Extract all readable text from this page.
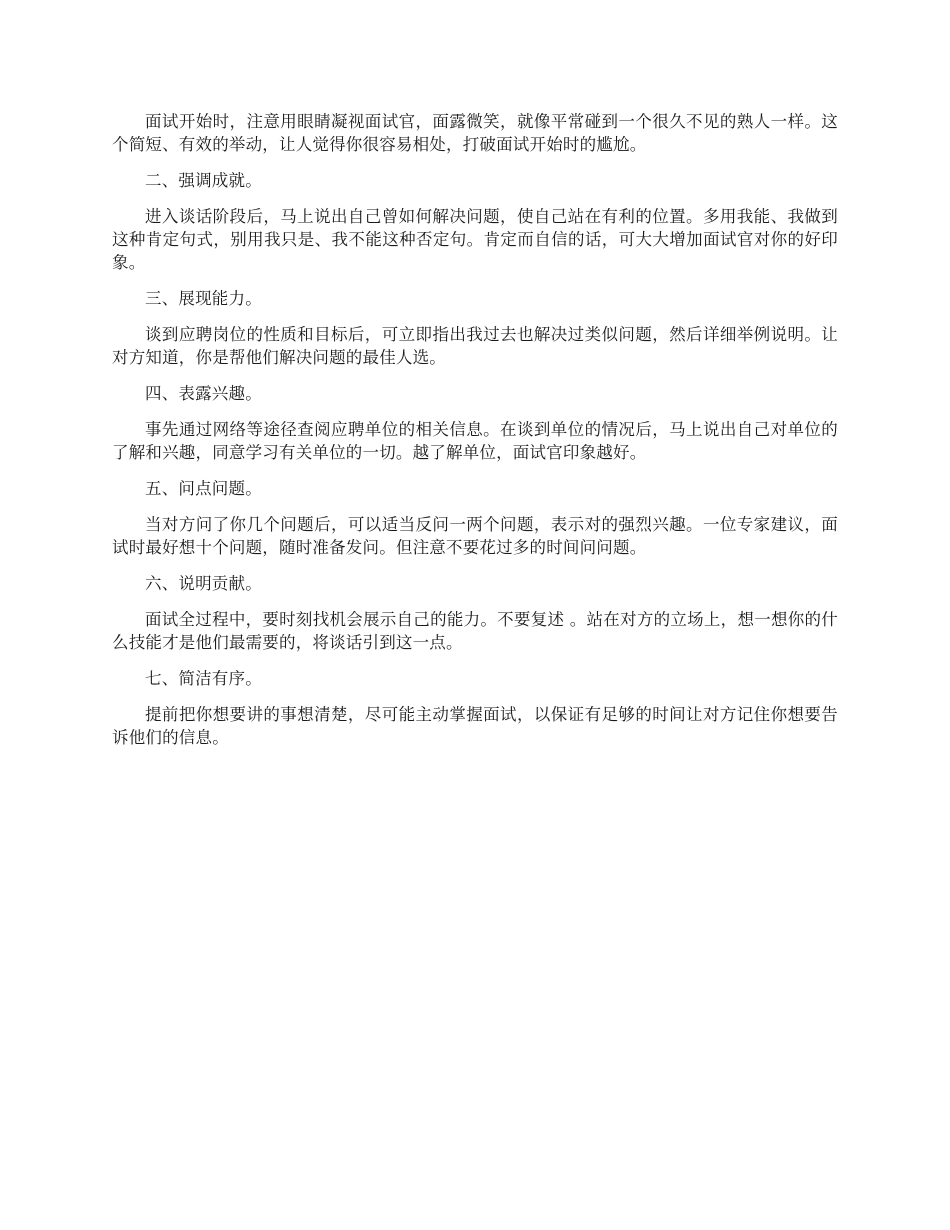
面试开始时，注意用眼睛凝视面试官，面露微笑，就像平常碰到一个很久不见的熟人一样。这个简短、有效的举动，让人觉得你很容易相处，打破面试开始时的尴尬。

二、强调成就。

进入谈话阶段后，马上说出自己曾如何解决问题，使自己站在有利的位置。多用我能、我做到这种肯定句式，别用我只是、我不能这种否定句。肯定而自信的话，可大大增加面试官对你的好印象。

三、展现能力。

谈到应聘岗位的性质和目标后，可立即指出我过去也解决过类似问题，然后详细举例说明。让对方知道，你是帮他们解决问题的最佳人选。

四、表露兴趣。

事先通过网络等途径查阅应聘单位的相关信息。在谈到单位的情况后，马上说出自己对单位的了解和兴趣，同意学习有关单位的一切。越了解单位，面试官印象越好。

五、问点问题。

当对方问了你几个问题后，可以适当反问一两个问题，表示对的强烈兴趣。一位专家建议，面试时最好想十个问题，随时准备发问。但注意不要花过多的时间问问题。

六、说明贡献。

面试全过程中，要时刻找机会展示自己的能力。不要复述 。站在对方的立场上，想一想你的什么技能才是他们最需要的，将谈话引到这一点。

七、简洁有序。

提前把你想要讲的事想清楚，尽可能主动掌握面试，以保证有足够的时间让对方记住你想要告诉他们的信息。
